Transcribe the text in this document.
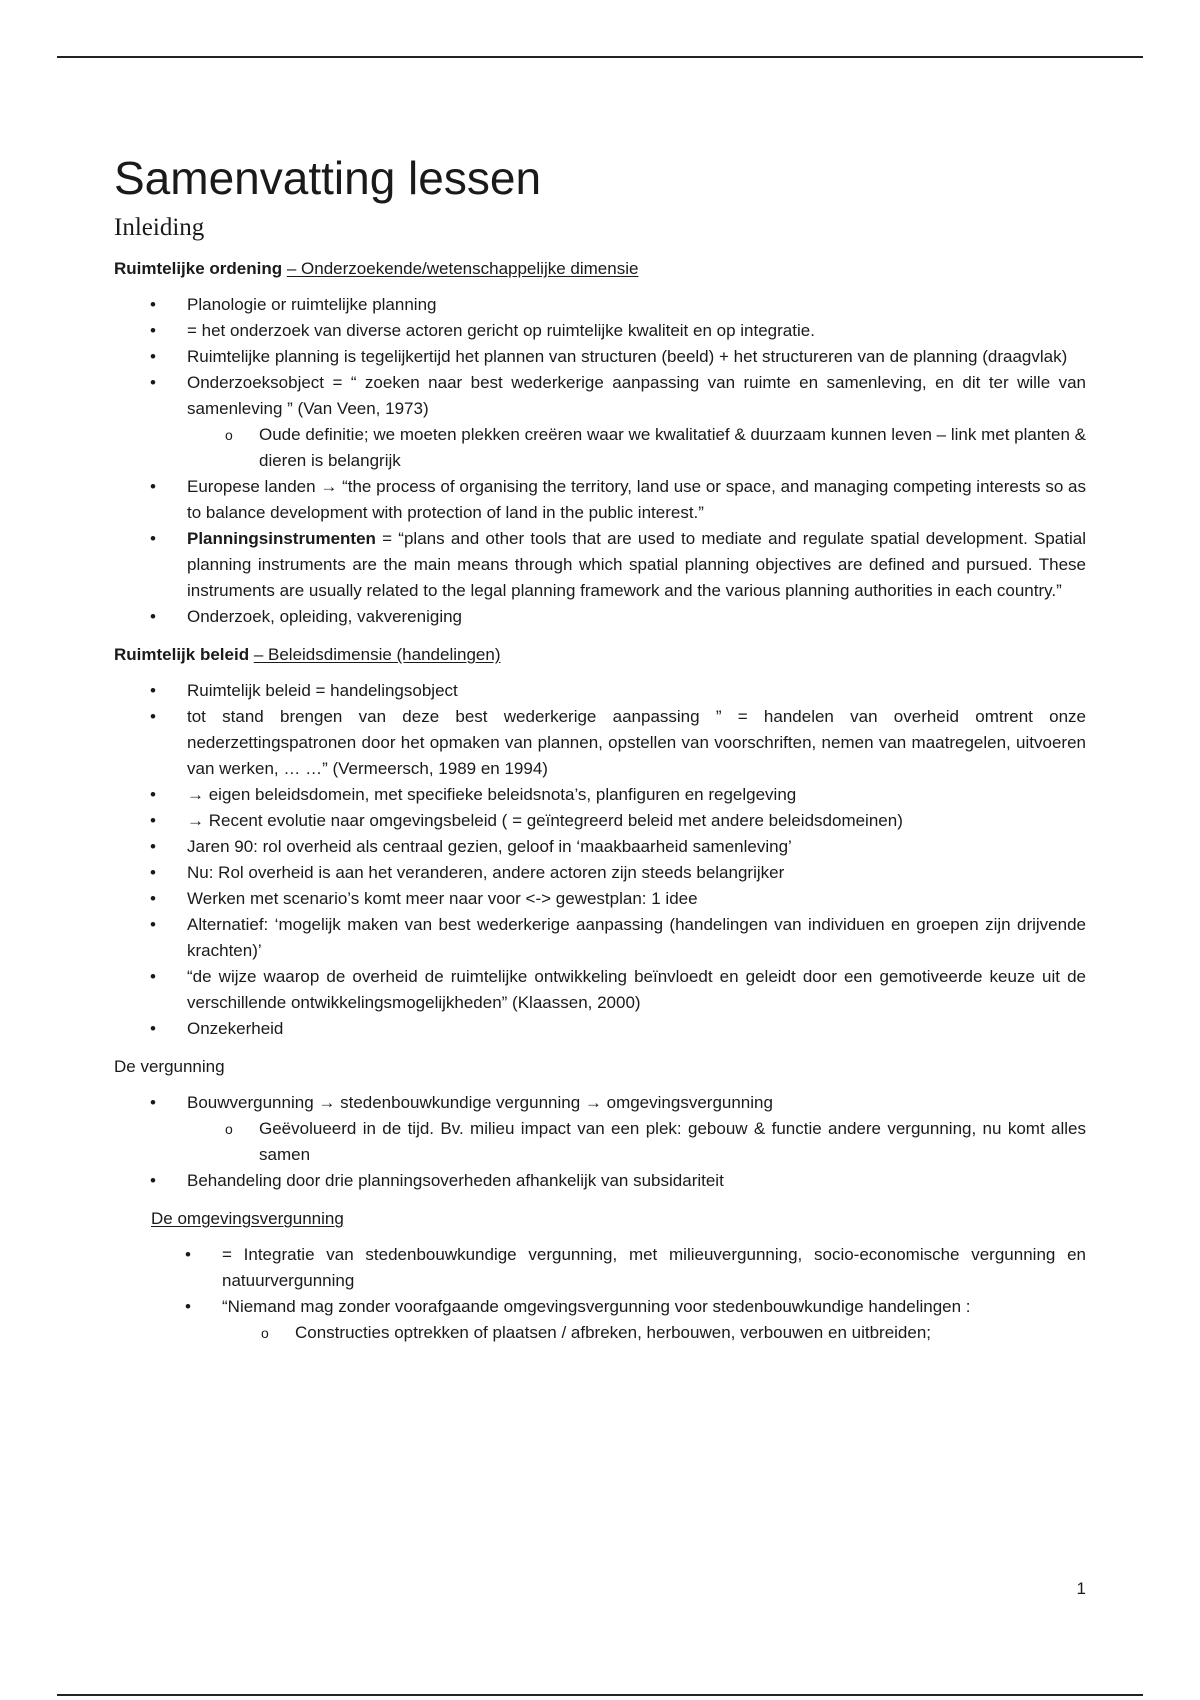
Samenvatting lessen
Inleiding

Ruimtelijke ordening – Onderzoekende/wetenschappelijke dimensie

• Planologie or ruimtelijke planning
• = het onderzoek van diverse actoren gericht op ruimtelijke kwaliteit en op integratie.
• Ruimtelijke planning is tegelijkertijd het plannen van structuren (beeld) + het structureren van de planning (draagvlak)
• Onderzoeksobject = “ zoeken naar best wederkerige aanpassing van ruimte en samenleving, en dit ter wille van samenleving ” (Van Veen, 1973)
o Oude definitie; we moeten plekken creëren waar we kwalitatief & duurzaam kunnen leven – link met planten & dieren is belangrijk
• Europese landen → “the process of organising the territory, land use or space, and managing competing interests so as to balance development with protection of land in the public interest.”
• Planningsinstrumenten = “plans and other tools that are used to mediate and regulate spatial development. Spatial planning instruments are the main means through which spatial planning objectives are defined and pursued. These instruments are usually related to the legal planning framework and the various planning authorities in each country.”
• Onderzoek, opleiding, vakvereniging

Ruimtelijk beleid – Beleidsdimensie (handelingen)

• Ruimtelijk beleid = handelingsobject
• tot stand brengen van deze best wederkerige aanpassing ” = handelen van overheid omtrent onze nederzettingspatronen door het opmaken van plannen, opstellen van voorschriften, nemen van maatregelen, uitvoeren van werken, … …” (Vermeersch, 1989 en 1994)
• → eigen beleidsdomein, met specifieke beleidsnota’s, planfiguren en regelgeving
• → Recent evolutie naar omgevingsbeleid ( = geïntegreerd beleid met andere beleidsdomeinen)
• Jaren 90: rol overheid als centraal gezien, geloof in ‘maakbaarheid samenleving’
• Nu: Rol overheid is aan het veranderen, andere actoren zijn steeds belangrijker
• Werken met scenario’s komt meer naar voor <-> gewestplan: 1 idee
• Alternatief: ‘mogelijk maken van best wederkerige aanpassing (handelingen van individuen en groepen zijn drijvende krachten)’
• “de wijze waarop de overheid de ruimtelijke ontwikkeling beïnvloedt en geleidt door een gemotiveerde keuze uit de verschillende ontwikkelingsmogelijkheden” (Klaassen, 2000)
• Onzekerheid

De vergunning

• Bouwvergunning → stedenbouwkundige vergunning → omgevingsvergunning
o Geëvolueerd in de tijd. Bv. milieu impact van een plek: gebouw & functie andere vergunning, nu komt alles samen
• Behandeling door drie planningsoverheden afhankelijk van subsidariteit

De omgevingsvergunning

• = Integratie van stedenbouwkundige vergunning, met milieuvergunning, socio-economische vergunning en natuurvergunning
• “Niemand mag zonder voorafgaande omgevingsvergunning voor stedenbouwkundige handelingen :
o Constructies optrekken of plaatsen / afbreken, herbouwen, verbouwen en uitbreiden;
1
